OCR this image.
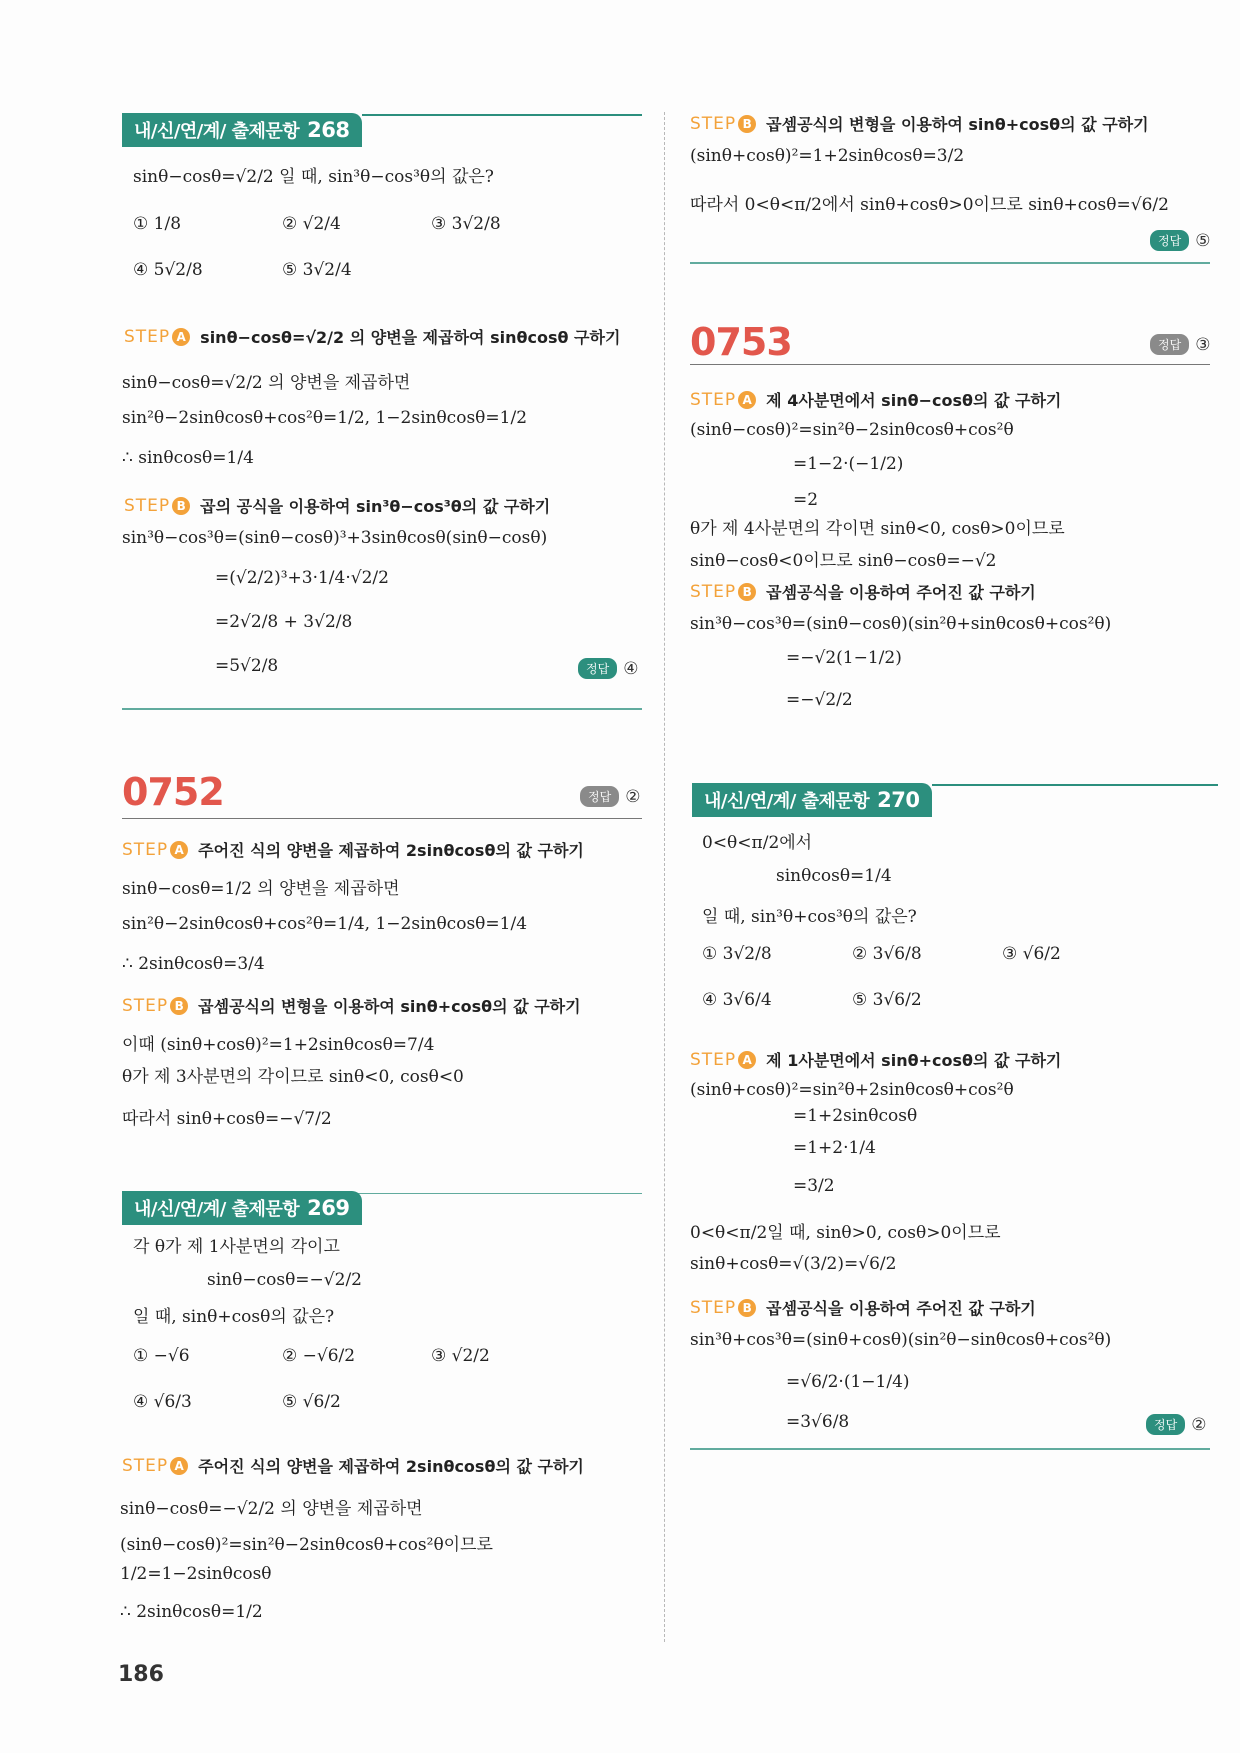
내/신/연/계/ 출제문항 268
sinθ−cosθ=√2/2 일 때, sin³θ−cos³θ의 값은?
① 1/8	② √2/4	③ 3√2/8
④ 5√2/8	⑤ 3√2/4
STEP A sinθ−cosθ=√2/2 의 양변을 제곱하여 sinθcosθ 구하기
sinθ−cosθ=√2/2 의 양변을 제곱하면
sin²θ−2sinθcosθ+cos²θ=1/2, 1−2sinθcosθ=1/2
∴ sinθcosθ=1/4
STEP B 곱의 공식을 이용하여 sin³θ−cos³θ의 값 구하기
sin³θ−cos³θ=(sinθ−cosθ)³+3sinθcosθ(sinθ−cosθ)
=(√2/2)³+3·1/4·√2/2
=2√2/8 + 3√2/8
=5√2/8	정답 ④
0752	정답 ②
STEP A 주어진 식의 양변을 제곱하여 2sinθcosθ의 값 구하기
sinθ−cosθ=1/2 의 양변을 제곱하면
sin²θ−2sinθcosθ+cos²θ=1/4, 1−2sinθcosθ=1/4
∴ 2sinθcosθ=3/4
STEP B 곱셈공식의 변형을 이용하여 sinθ+cosθ의 값 구하기
이때 (sinθ+cosθ)²=1+2sinθcosθ=7/4
θ가 제 3사분면의 각이므로 sinθ<0, cosθ<0
따라서 sinθ+cosθ=−√7/2
내/신/연/계/ 출제문항 269
각 θ가 제 1사분면의 각이고
sinθ−cosθ=−√2/2
일 때, sinθ+cosθ의 값은?
① −√6	② −√6/2	③ √2/2
④ √6/3	⑤ √6/2
STEP A 주어진 식의 양변을 제곱하여 2sinθcosθ의 값 구하기
sinθ−cosθ=−√2/2 의 양변을 제곱하면
(sinθ−cosθ)²=sin²θ−2sinθcosθ+cos²θ이므로
1/2=1−2sinθcosθ
∴ 2sinθcosθ=1/2
186
STEP B 곱셈공식의 변형을 이용하여 sinθ+cosθ의 값 구하기
(sinθ+cosθ)²=1+2sinθcosθ=3/2
따라서 0<θ<π/2에서 sinθ+cosθ>0이므로 sinθ+cosθ=√6/2
정답 ⑤
0753	정답 ③
STEP A 제 4사분면에서 sinθ−cosθ의 값 구하기
(sinθ−cosθ)²=sin²θ−2sinθcosθ+cos²θ
=1−2·(−1/2)
=2
θ가 제 4사분면의 각이면 sinθ<0, cosθ>0이므로
sinθ−cosθ<0이므로 sinθ−cosθ=−√2
STEP B 곱셈공식을 이용하여 주어진 값 구하기
sin³θ−cos³θ=(sinθ−cosθ)(sin²θ+sinθcosθ+cos²θ)
=−√2(1−1/2)
=−√2/2
내/신/연/계/ 출제문항 270
0<θ<π/2에서
sinθcosθ=1/4
일 때, sin³θ+cos³θ의 값은?
① 3√2/8	② 3√6/8	③ √6/2
④ 3√6/4	⑤ 3√6/2
STEP A 제 1사분면에서 sinθ+cosθ의 값 구하기
(sinθ+cosθ)²=sin²θ+2sinθcosθ+cos²θ
=1+2sinθcosθ
=1+2·1/4
=3/2
0<θ<π/2일 때, sinθ>0, cosθ>0이므로
sinθ+cosθ=√(3/2)=√6/2
STEP B 곱셈공식을 이용하여 주어진 값 구하기
sin³θ+cos³θ=(sinθ+cosθ)(sin²θ−sinθcosθ+cos²θ)
=√6/2·(1−1/4)
=3√6/8	정답 ②
